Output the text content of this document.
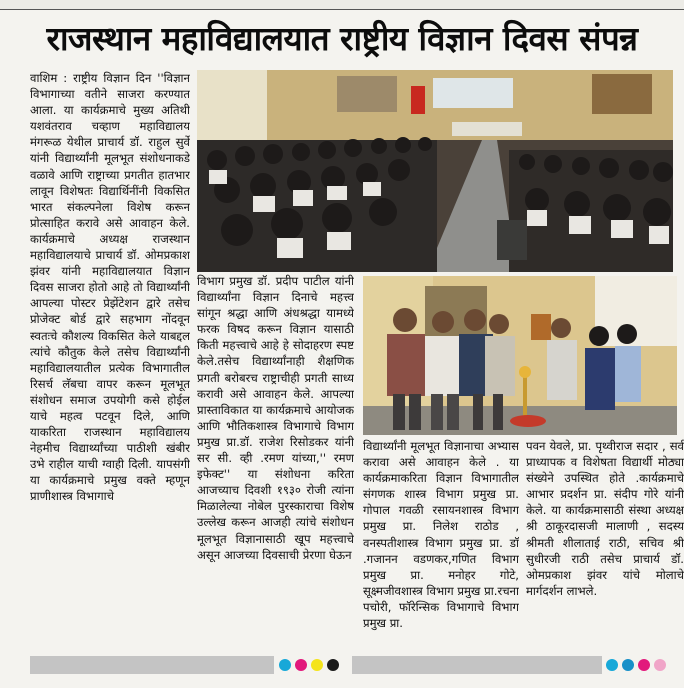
राजस्थान महाविद्यालयात राष्ट्रीय विज्ञान दिवस संपन्न
वाशिम : राष्ट्रीय विज्ञान दिन ''विज्ञान विभागाच्या वतीने साजरा करण्यात आला. या कार्यक्रमाचे मुख्य अतिथी यशवंतराव चव्हाण महाविद्यालय मंगरूळ येथील प्राचार्य डॉ. राहुल सुर्वे यांनी विद्यार्थ्यांनी मूलभूत संशोधनाकडे वळावे आणि राष्ट्राच्या प्रगतीत हातभार लावून विशेषतः विद्यार्थिनींनी विकसित भारत संकल्पनेला विशेष करून प्रोत्साहित करावे असे आवाहन केले. कार्यक्रमाचे अध्यक्ष राजस्थान महाविद्यालयाचे प्राचार्य डॉ. ओमप्रकाश झंवर यांनी महाविद्यालयात विज्ञान दिवस साजरा होतो आहे तो विद्यार्थ्यांनी आपल्या पोस्टर प्रेझेंटेशन द्वारे तसेच प्रोजेक्ट बोर्ड द्वारे सहभाग नोंदवून स्वतःचे कौशल्य विकसित केले याबद्दल त्यांचे कौतुक केले तसेच विद्यार्थ्यांनी महाविद्यालयातील प्रत्येक विभागातील रिसर्च लॅबचा वापर करून मूलभूत संशोधन समाज उपयोगी कसे होईल याचे महत्व पटवून दिले, आणि याकरिता राजस्थान महाविद्यालय नेहमीच विद्यार्थ्यांच्या पाठीशी खंबीर उभे राहील याची ग्वाही दिली. यापसंगी या कार्यक्रमाचे प्रमुख वक्ते म्हणून प्राणीशास्त्र विभागाचे
विभाग प्रमुख डॉ. प्रदीप पाटील यांनी विद्यार्थ्यांना विज्ञान दिनाचे महत्त्व सांगून श्रद्धा आणि अंधश्रद्धा यामध्ये फरक विषद करून विज्ञान यासाठी किती महत्त्वाचे आहे हे सोदाहरण स्पष्ट केले.तसेच विद्यार्थ्यांनाही शैक्षणिक प्रगती बरोबरच राष्ट्राचीही प्रगती साध्य करावी असे आवाहन केले. आपल्या प्रास्ताविकात या कार्यक्रमाचे आयोजक आणि भौतिकशास्त्र विभागाचे विभाग प्रमुख प्रा.डॉ. राजेश रिसोडकर यांनी सर सी. व्ही .रमण यांच्या,'' रमण इफेक्ट'' या संशोधना करिता आजच्याच दिवशी १९३० रोजी त्यांना मिळालेल्या नोबेल पुरस्काराचा विशेष उल्लेख करून आजही त्यांचे संशोधन मूलभूत विज्ञानासाठी खूप महत्त्वाचे असून आजच्या दिवसाची प्रेरणा घेऊन
विद्यार्थ्यांनी मूलभूत विज्ञानाचा अभ्यास करावा असे आवाहन केले . या कार्यक्रमाकरिता विज्ञान विभागातील संगणक शास्त्र विभाग प्रमुख प्रा. गोपाल गवळी रसायनशास्त्र विभाग प्रमुख प्रा. निलेश राठोड , वनस्पतीशास्त्र विभाग प्रमुख प्रा. डॉ .गजानन वडणकर,गणित विभाग प्रमुख प्रा. मनोहर गोटे, सूक्ष्मजीवशास्त्र विभाग प्रमुख प्रा.रचना पचोरी, फॉरेन्सिक विभागाचे विभाग प्रमुख प्रा.
पवन येवले, प्रा. पृथ्वीराज सदार , सर्व प्राध्यापक व विशेषता विद्यार्थी मोठ्या संख्येने उपस्थित होते .कार्यक्रमाचे आभार प्रदर्शन प्रा. संदीप गोरे यांनी केले. या कार्यक्रमासाठी संस्था अध्यक्ष श्री ठाकूरदासजी मालाणी , सदस्य श्रीमती शीलाताई राठी, सचिव श्री सुधीरजी राठी तसेच प्राचार्य डॉ. ओमप्रकाश झंवर यांचे मोलाचे मार्गदर्शन लाभले.
